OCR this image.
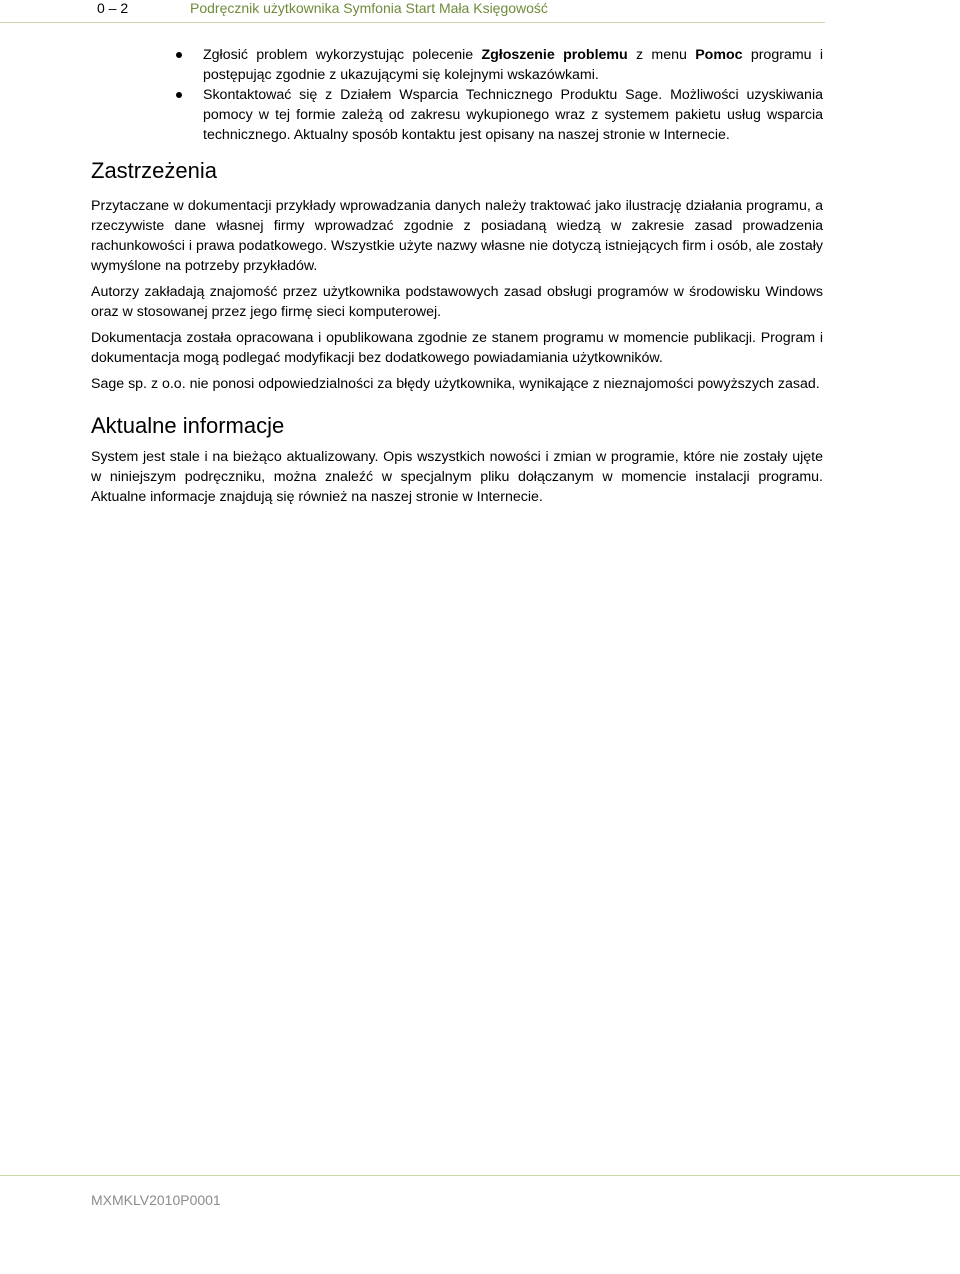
0 – 2	Podręcznik użytkownika Symfonia Start Mała Księgowość
Zgłosić problem wykorzystując polecenie Zgłoszenie problemu z menu Pomoc programu i postępując zgodnie z ukazującymi się kolejnymi wskazówkami.
Skontaktować się z Działem Wsparcia Technicznego Produktu Sage. Możliwości uzyskiwania pomocy w tej formie zależą od zakresu wykupionego wraz z systemem pakietu usług wsparcia technicznego. Aktualny sposób kontaktu jest opisany na naszej stronie w Internecie.
Zastrzeżenia

Przytaczane w dokumentacji przykłady wprowadzania danych należy traktować jako ilustrację działania programu, a rzeczywiste dane własnej firmy wprowadzać zgodnie z posiadaną wiedzą w zakresie zasad prowadzenia rachunkowości i prawa podatkowego. Wszystkie użyte nazwy własne nie dotyczą istniejących firm i osób, ale zostały wymyślone na potrzeby przykładów.

Autorzy zakładają znajomość przez użytkownika podstawowych zasad obsługi programów w środowisku Windows oraz w stosowanej przez jego firmę sieci komputerowej.

Dokumentacja została opracowana i opublikowana zgodnie ze stanem programu w momencie publikacji. Program i dokumentacja mogą podlegać modyfikacji bez dodatkowego powiadamiania użytkowników.

Sage sp. z o.o. nie ponosi odpowiedzialności za błędy użytkownika, wynikające z nieznajomości powyższych zasad.

Aktualne informacje

System jest stale i na bieżąco aktualizowany. Opis wszystkich nowości i zmian w programie, które nie zostały ujęte w niniejszym podręczniku, można znaleźć w specjalnym pliku dołączanym w momencie instalacji programu. Aktualne informacje znajdują się również na naszej stronie w Internecie.

MXMKLV2010P0001
